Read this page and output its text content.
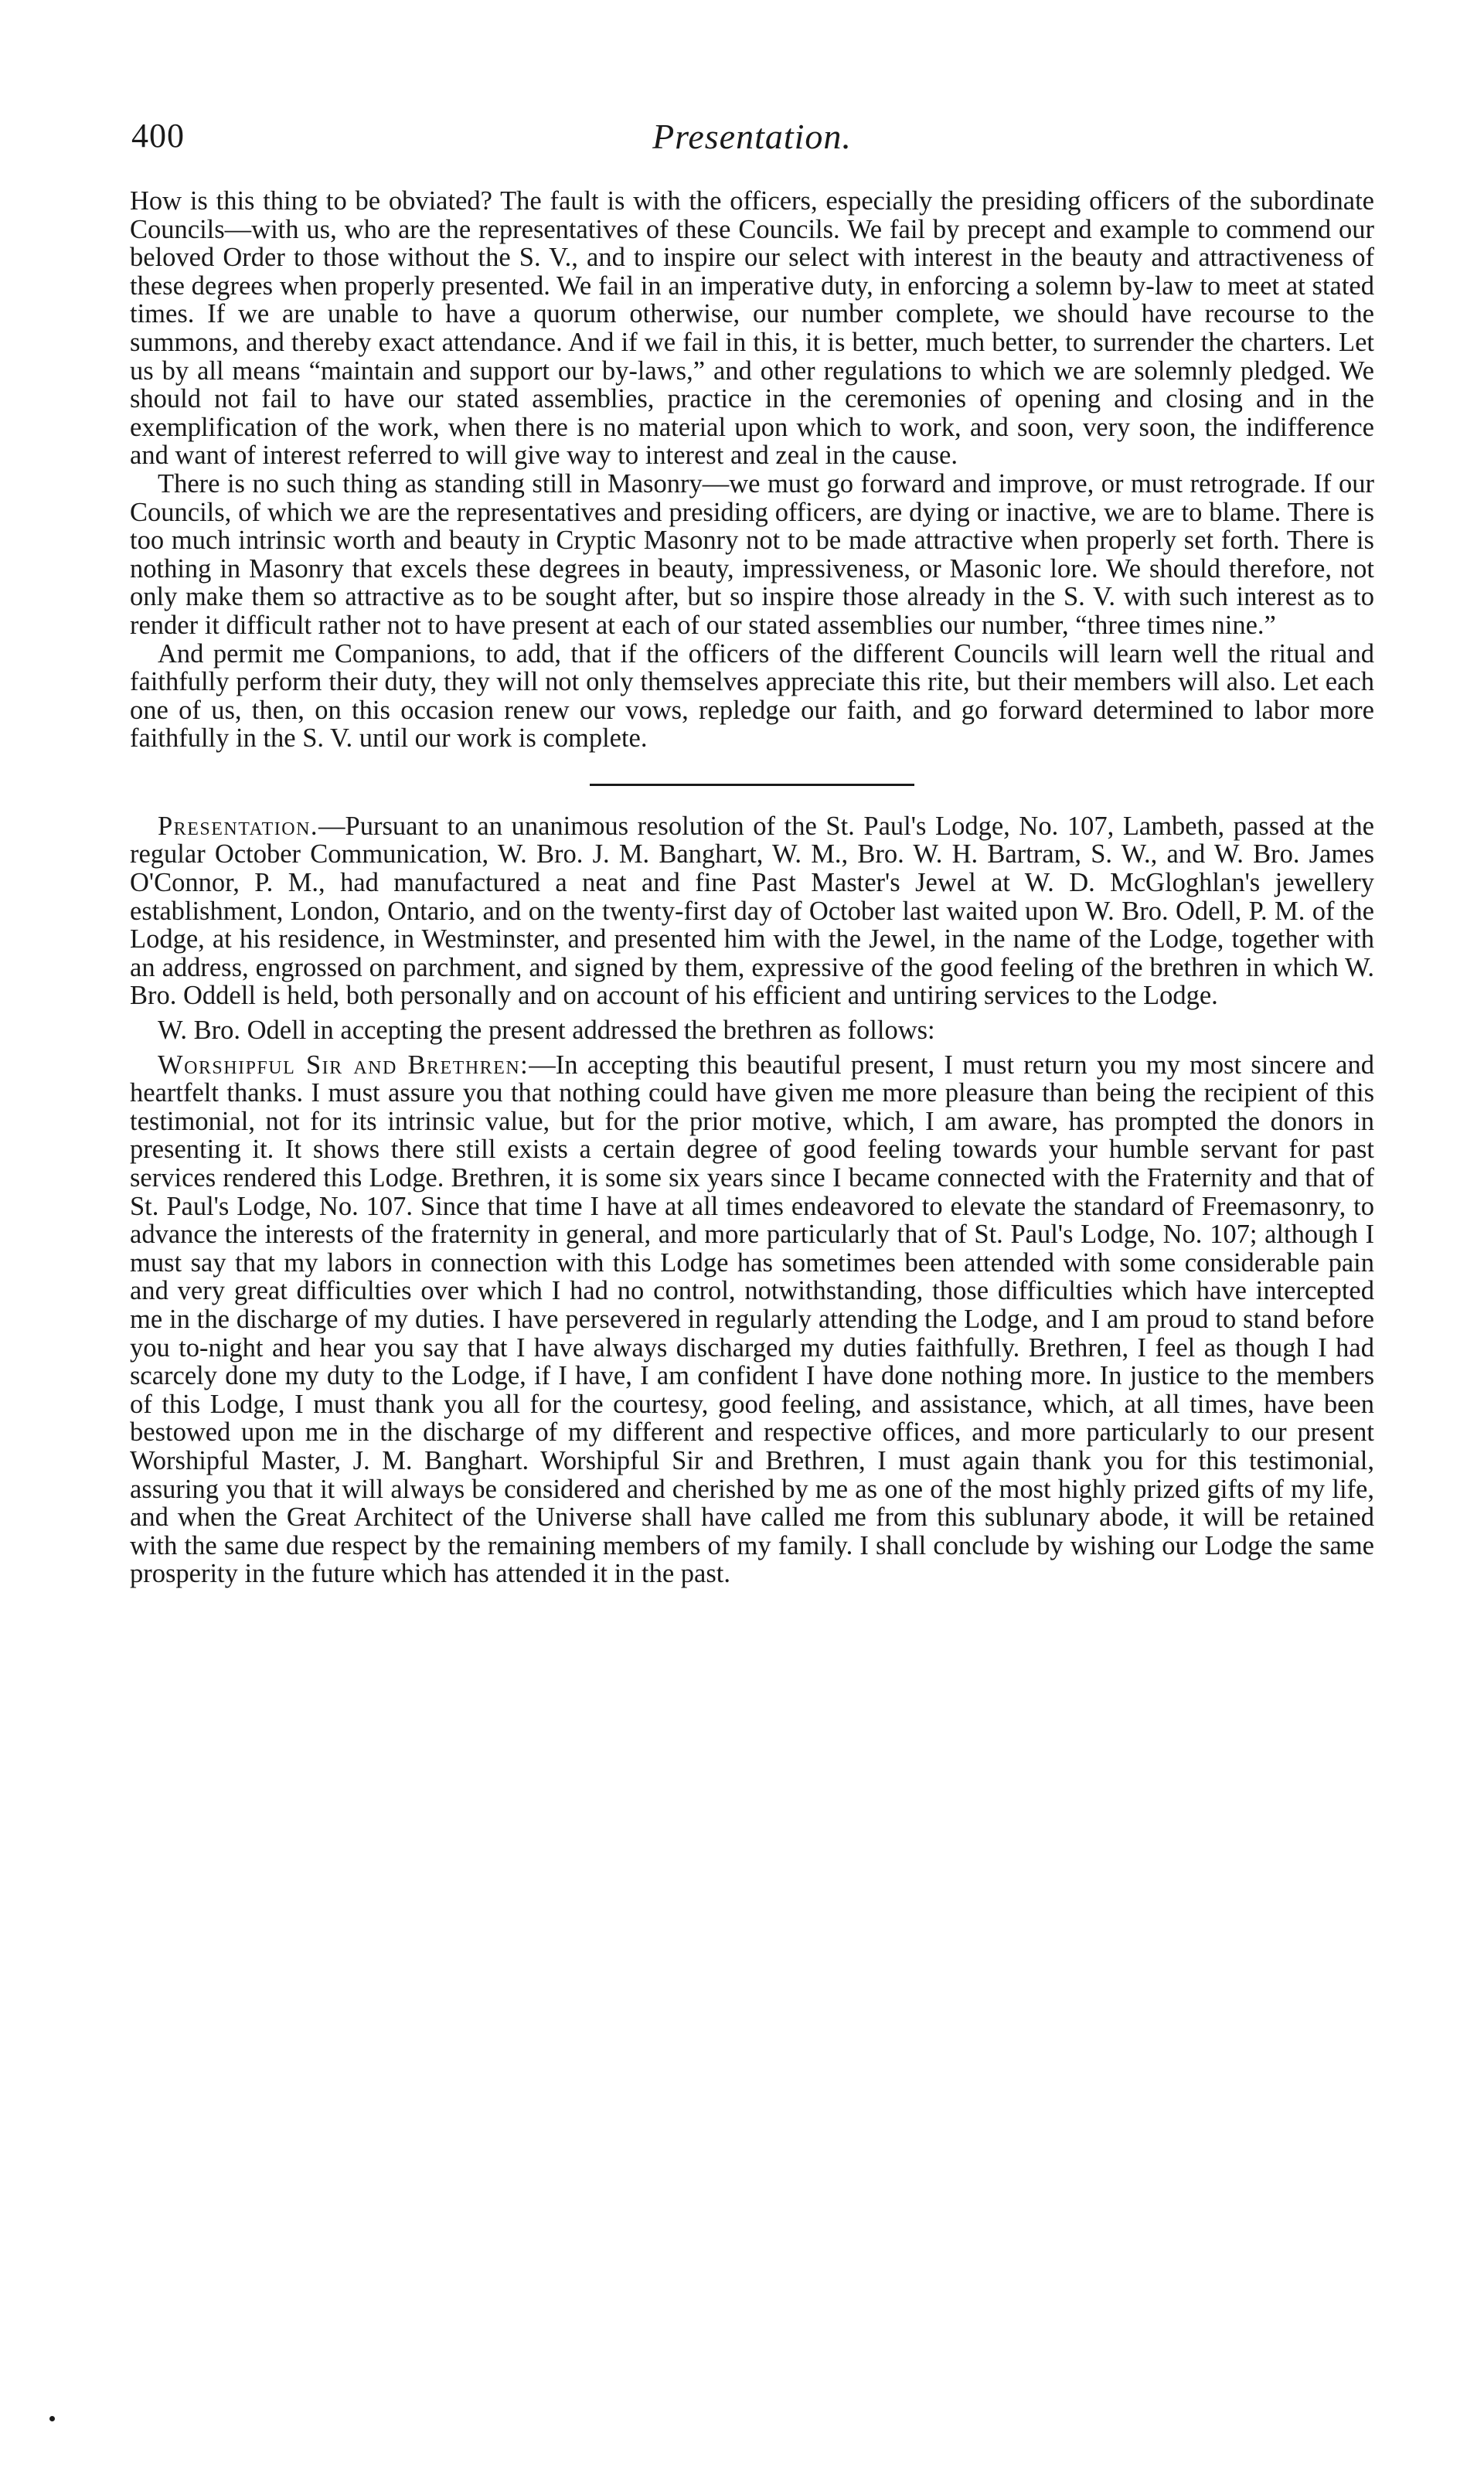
400	Presentation.

How is this thing to be obviated? The fault is with the officers, especially the presiding officers of the subordinate Councils—with us, who are the representatives of these Councils. We fail by precept and example to commend our beloved Order to those without the S. V., and to inspire our select with interest in the beauty and attractiveness of these degrees when properly presented. We fail in an imperative duty, in enforcing a solemn by-law to meet at stated times. If we are unable to have a quorum otherwise, our number complete, we should have recourse to the summons, and thereby exact attendance. And if we fail in this, it is better, much better, to surrender the charters. Let us by all means “maintain and support our by-laws,” and other regulations to which we are solemnly pledged. We should not fail to have our stated assemblies, practice in the ceremonies of opening and closing and in the exemplification of the work, when there is no material upon which to work, and soon, very soon, the indifference and want of interest referred to will give way to interest and zeal in the cause.

There is no such thing as standing still in Masonry—we must go forward and improve, or must retrograde. If our Councils, of which we are the representatives and presiding officers, are dying or inactive, we are to blame. There is too much intrinsic worth and beauty in Cryptic Masonry not to be made attractive when properly set forth. There is nothing in Masonry that excels these degrees in beauty, impressiveness, or Masonic lore. We should therefore, not only make them so attractive as to be sought after, but so inspire those already in the S. V. with such interest as to render it difficult rather not to have present at each of our stated assemblies our number, “three times nine.”

And permit me Companions, to add, that if the officers of the different Councils will learn well the ritual and faithfully perform their duty, they will not only themselves appreciate this rite, but their members will also. Let each one of us, then, on this occasion renew our vows, repledge our faith, and go forward determined to labor more faithfully in the S. V. until our work is complete.

Presentation.—Pursuant to an unanimous resolution of the St. Paul's Lodge, No. 107, Lambeth, passed at the regular October Communication, W. Bro. J. M. Banghart, W. M., Bro. W. H. Bartram, S. W., and W. Bro. James O'Connor, P. M., had manufactured a neat and fine Past Master's Jewel at W. D. McGloghlan's jewellery establishment, London, Ontario, and on the twenty-first day of October last waited upon W. Bro. Odell, P. M. of the Lodge, at his residence, in Westminster, and presented him with the Jewel, in the name of the Lodge, together with an address, engrossed on parchment, and signed by them, expressive of the good feeling of the brethren in which W. Bro. Oddell is held, both personally and on account of his efficient and untiring services to the Lodge.

W. Bro. Odell in accepting the present addressed the brethren as follows:

Worshipful Sir and Brethren:—In accepting this beautiful present, I must return you my most sincere and heartfelt thanks. I must assure you that nothing could have given me more pleasure than being the recipient of this testimonial, not for its intrinsic value, but for the prior motive, which, I am aware, has prompted the donors in presenting it. It shows there still exists a certain degree of good feeling towards your humble servant for past services rendered this Lodge. Brethren, it is some six years since I became connected with the Fraternity and that of St. Paul's Lodge, No. 107. Since that time I have at all times endeavored to elevate the standard of Freemasonry, to advance the interests of the fraternity in general, and more particularly that of St. Paul's Lodge, No. 107; although I must say that my labors in connection with this Lodge has sometimes been attended with some considerable pain and very great difficulties over which I had no control, notwithstanding, those difficulties which have intercepted me in the discharge of my duties. I have persevered in regularly attending the Lodge, and I am proud to stand before you to-night and hear you say that I have always discharged my duties faithfully. Brethren, I feel as though I had scarcely done my duty to the Lodge, if I have, I am confident I have done nothing more. In justice to the members of this Lodge, I must thank you all for the courtesy, good feeling, and assistance, which, at all times, have been bestowed upon me in the discharge of my different and respective offices, and more particularly to our present Worshipful Master, J. M. Banghart. Worshipful Sir and Brethren, I must again thank you for this testimonial, assuring you that it will always be considered and cherished by me as one of the most highly prized gifts of my life, and when the Great Architect of the Universe shall have called me from this sublunary abode, it will be retained with the same due respect by the remaining members of my family. I shall conclude by wishing our Lodge the same prosperity in the future which has attended it in the past.
